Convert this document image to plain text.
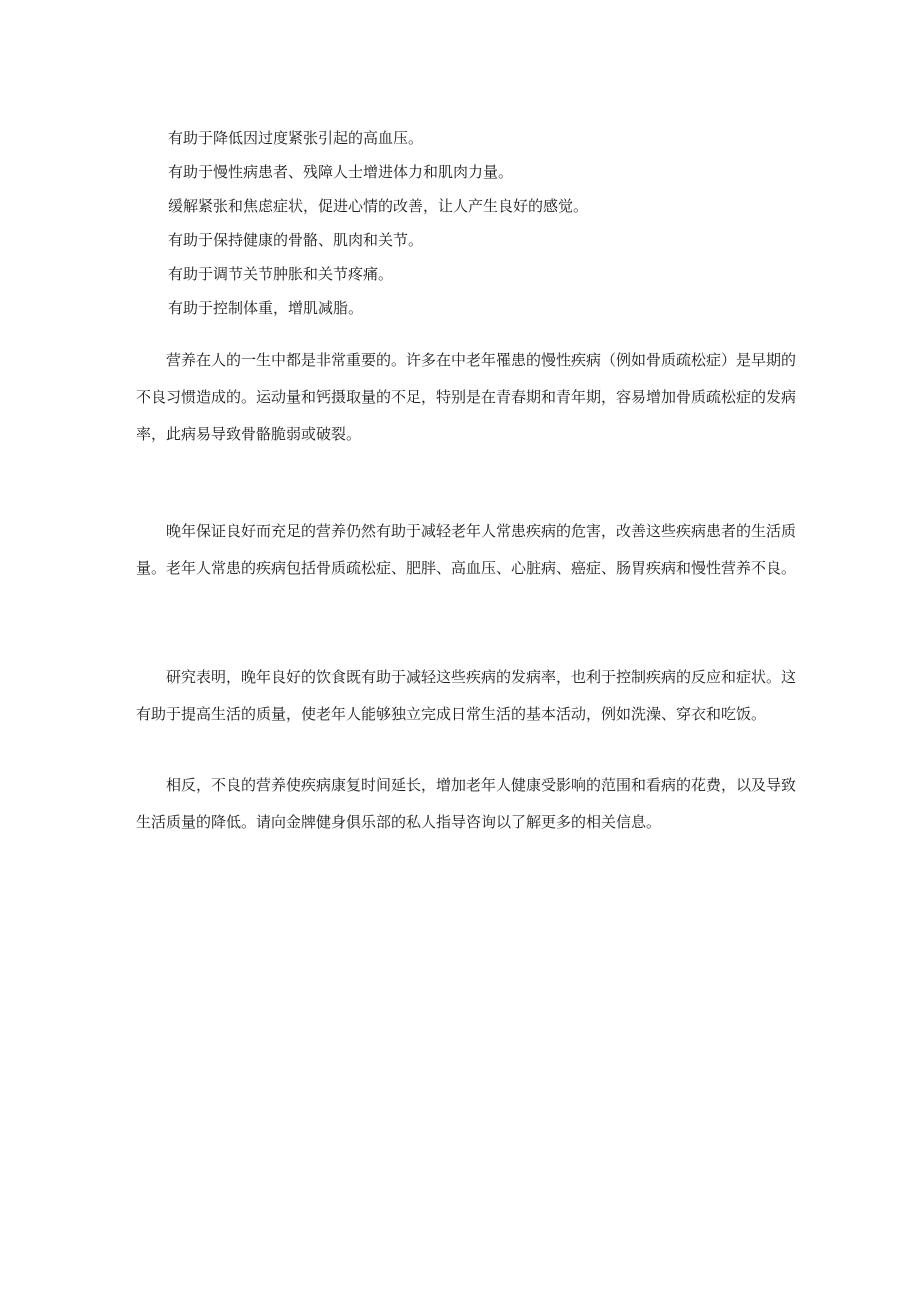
有助于降低因过度紧张引起的高血压。
有助于慢性病患者、残障人士增进体力和肌肉力量。
缓解紧张和焦虑症状，促进心情的改善，让人产生良好的感觉。
有助于保持健康的骨骼、肌肉和关节。
有助于调节关节肿胀和关节疼痛。
有助于控制体重，增肌减脂。

营养在人的一生中都是非常重要的。许多在中老年罹患的慢性疾病（例如骨质疏松症）是早期的不良习惯造成的。运动量和钙摄取量的不足，特别是在青春期和青年期，容易增加骨质疏松症的发病率，此病易导致骨骼脆弱或破裂。

晚年保证良好而充足的营养仍然有助于减轻老年人常患疾病的危害，改善这些疾病患者的生活质量。老年人常患的疾病包括骨质疏松症、肥胖、高血压、心脏病、癌症、肠胃疾病和慢性营养不良。

研究表明，晚年良好的饮食既有助于减轻这些疾病的发病率，也利于控制疾病的反应和症状。这有助于提高生活的质量，使老年人能够独立完成日常生活的基本活动，例如洗澡、穿衣和吃饭。

相反，不良的营养使疾病康复时间延长，增加老年人健康受影响的范围和看病的花费，以及导致生活质量的降低。请向金牌健身俱乐部的私人指导咨询以了解更多的相关信息。
